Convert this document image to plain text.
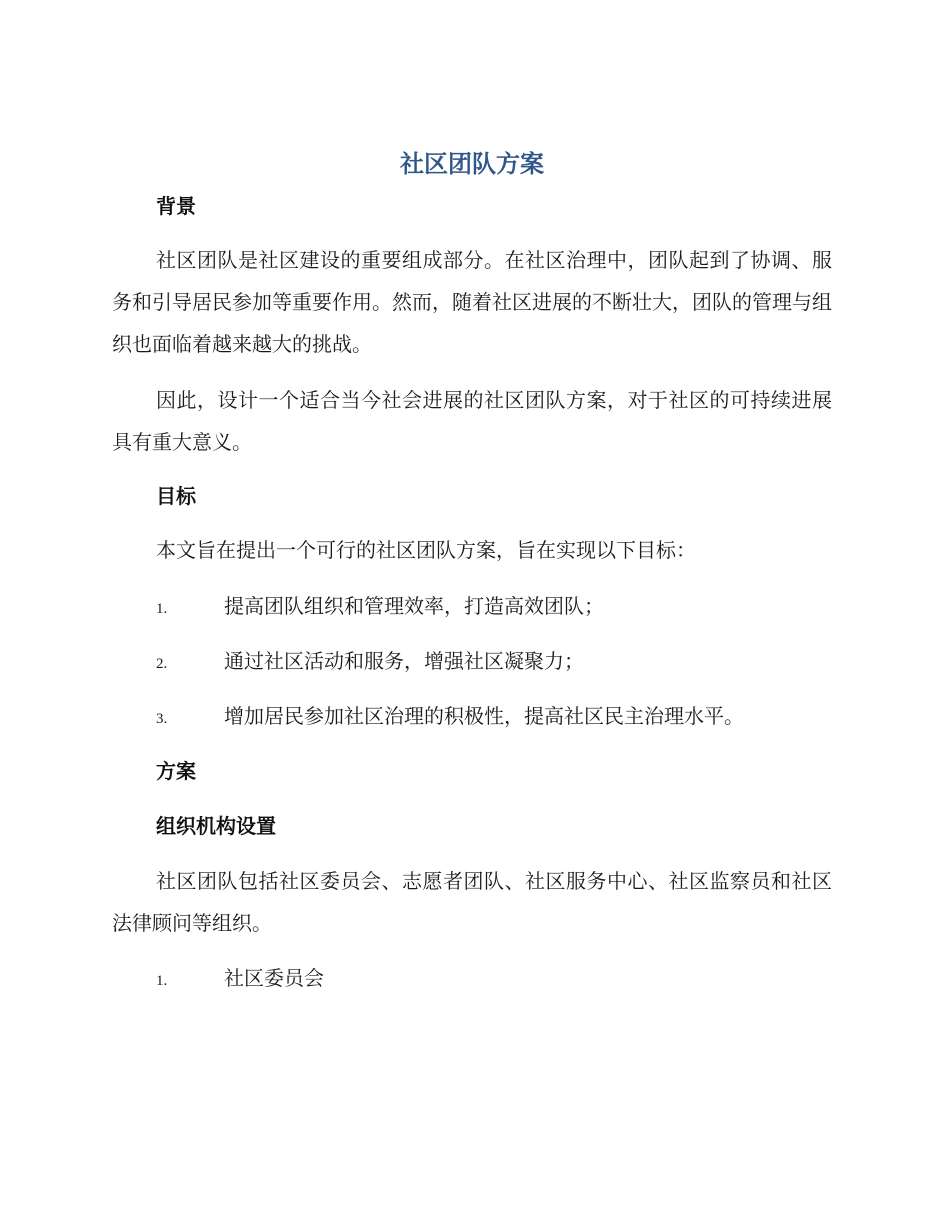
社区团队方案
背景

社区团队是社区建设的重要组成部分。在社区治理中，团队起到了协调、服务和引导居民参加等重要作用。然而，随着社区进展的不断壮大，团队的管理与组织也面临着越来越大的挑战。

因此，设计一个适合当今社会进展的社区团队方案，对于社区的可持续进展具有重大意义。

目标

本文旨在提出一个可行的社区团队方案，旨在实现以下目标：

1.	提高团队组织和管理效率，打造高效团队；

2.	通过社区活动和服务，增强社区凝聚力；

3.	增加居民参加社区治理的积极性，提高社区民主治理水平。

方案
组织机构设置

社区团队包括社区委员会、志愿者团队、社区服务中心、社区监察员和社区法律顾问等组织。

1.	社区委员会
